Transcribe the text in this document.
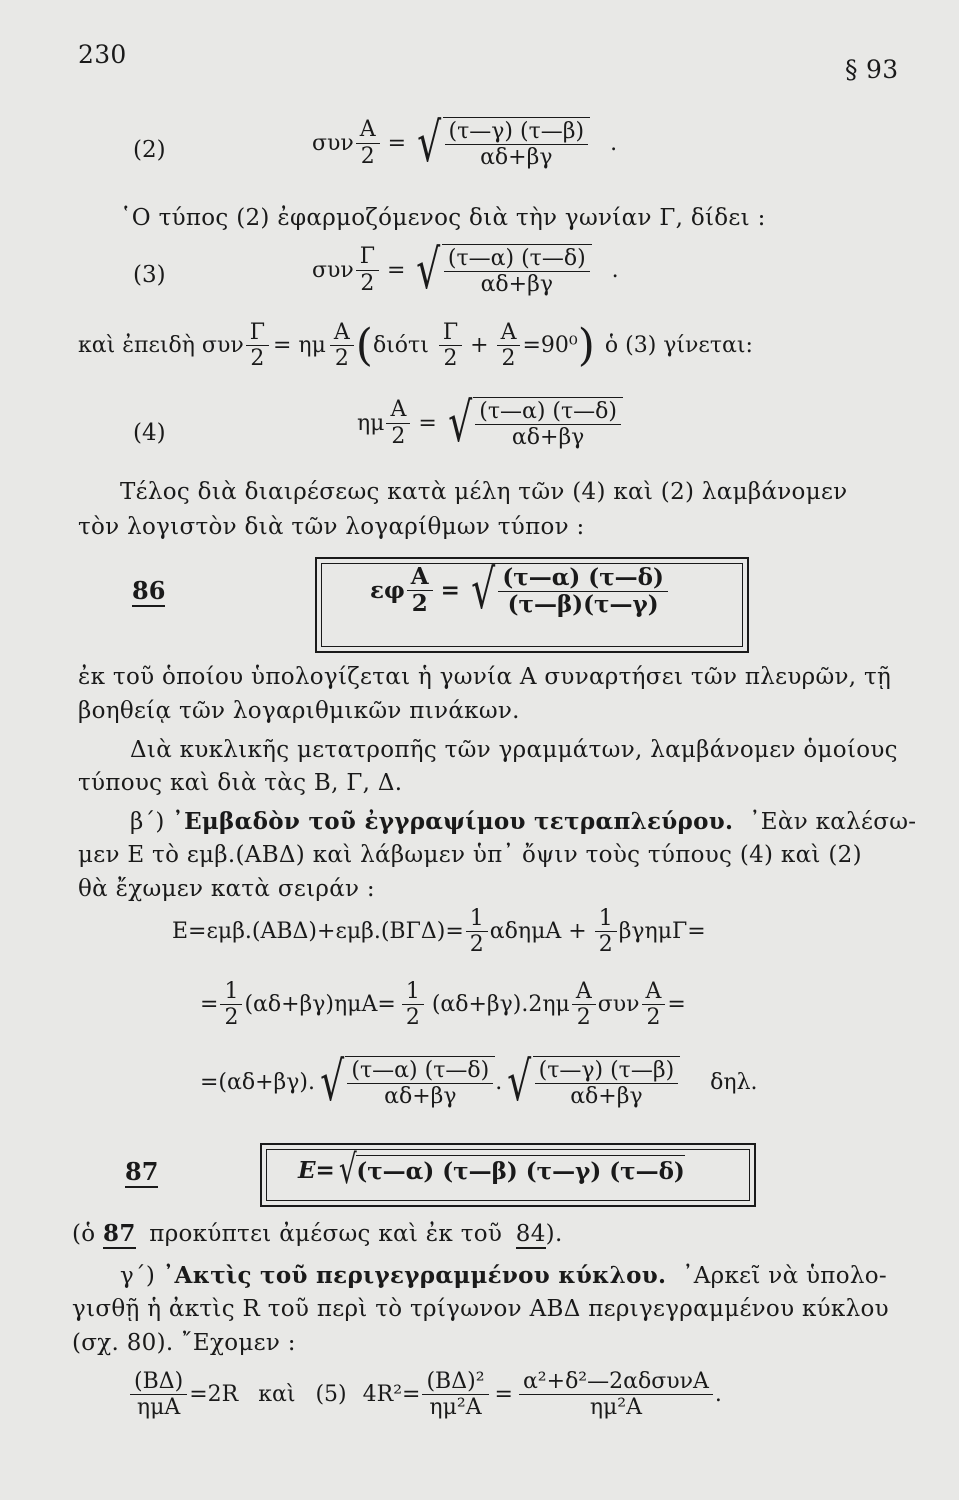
230
§ 93
(2)	συν $\frac{A}{2}$ = √ $\frac{(\tau—\gamma) (\tau—\beta)}{\alpha\delta+\beta\gamma}$ .
῾Ο τύπος (2) ἐφαρμοζόμενος διὰ τὴν γωνίαν Γ, δίδει :
(3)	συν $\frac{\Gamma}{2}$ = √ $\frac{(\tau—\alpha) (\tau—\delta)}{\alpha\delta+\beta\gamma}$ .
καὶ ἐπειδὴ συν $\frac{\Gamma}{2} = \eta\mu \frac{A}{2}$ ( διότι $\frac{\Gamma}{2} + \frac{A}{2} =90^0$ ) ὁ (3) γίνεται:
(4)	ημ $\frac{A}{2}$ = √ $\frac{(\tau—\alpha) (\tau—\delta)}{\alpha\delta+\beta\gamma}$
Τέλος διὰ διαιρέσεως κατὰ μέλη τῶν (4) καὶ (2) λαμβάνομεν
τὸν λογιστὸν διὰ τῶν λογαρίθμων τύπον :
86	εφ $\frac{A}{2}$ = √ $\frac{(\tau—\alpha) (\tau—\delta)}{(\tau—\beta)(\tau—\gamma)}$
ἐκ τοῦ ὁποίου ὑπολογίζεται ἡ γωνία Α συναρτήσει τῶν πλευρῶν, τῇ
βοηθείᾳ τῶν λογαριθμικῶν πινάκων.
Διὰ κυκλικῆς μετατροπῆς τῶν γραμμάτων, λαμβάνομεν ὁμοίους
τύπους καὶ διὰ τὰς Β, Γ, Δ.
β΄) ᾿Εμβαδὸν τοῦ ἐγγραψίμου τετραπλεύρου. ᾿Εὰν καλέσω-
μεν Ε τὸ εμβ.(ΑΒΔ) καὶ λάβωμεν ὑπ᾿ ὄψιν τοὺς τύπους (4) καὶ (2)
θὰ ἔχωμεν κατὰ σειράν :
$E=\varepsilon\mu\beta.(AB\Delta)+\varepsilon\mu\beta.(B\Gamma\Delta)= \frac{1}{2}$ $\alpha\delta\eta\mu A + \frac{1}{2} \beta\gamma\eta\mu\Gamma=$
= $\frac{1}{2} (\alpha\delta+\beta\gamma)\eta\mu A= \frac{1}{2} (\alpha\delta+\beta\gamma).2\eta\mu \frac{A}{2}$ συν $\frac{A}{2}$ =
=(αδ+βγ). √ $\frac{(\tau—\alpha) (\tau—\delta)}{\alpha\delta+\beta\gamma}$ . √ $\frac{(\tau—\gamma) (\tau—\beta)}{\alpha\delta+\beta\gamma} \delta\eta\lambda$.
87	Ε= √ (τ—α) (τ—β) (τ—γ) (τ—δ)
(ὁ 87 προκύπτει ἀμέσως καὶ ἐκ τοῦ 84).
γ΄) ᾿Ακτὶς τοῦ περιγεγραμμένου κύκλου. ᾿Αρκεῖ νὰ ὑπολο-
γισθῇ ἡ ἀκτὶς R τοῦ περὶ τὸ τρίγωνον ΑΒΔ περιγεγραμμένου κύκλου
(σχ. 80). ῎Εχομεν :
$\frac{(B\Delta)}{\text{ημΑ}} =2R$ καὶ (5) $4R^2= \frac{\text{(ΒΔ)²}}{\text{ημ²Α}} = \frac{\text{α²+δ²—2αδσυνΑ}}{\text{ημ²Α}}$ .
